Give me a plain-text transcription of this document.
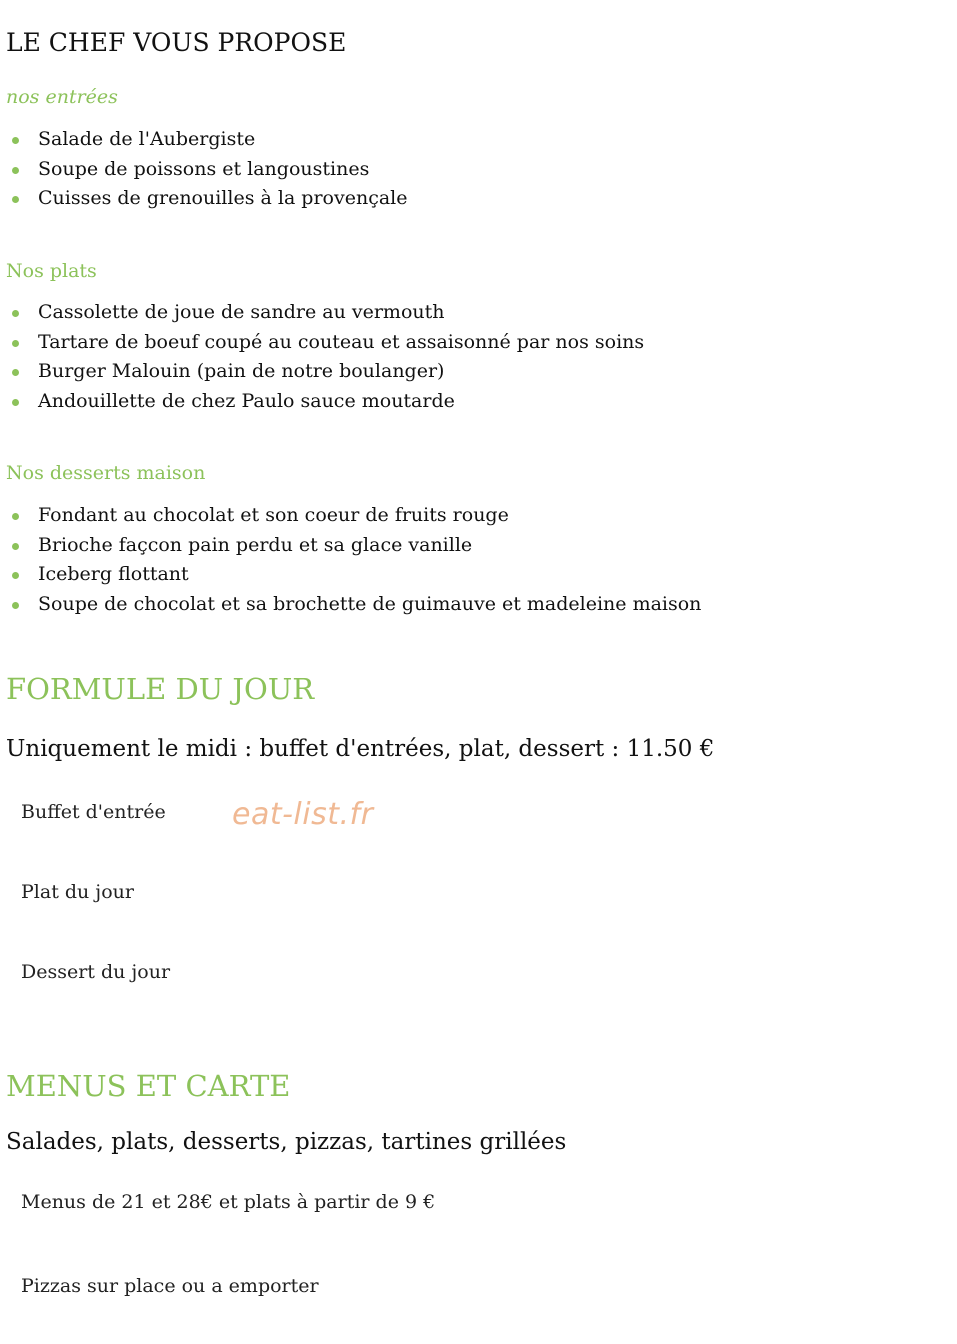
LE CHEF VOUS PROPOSE
nos entrées
Salade de l'Aubergiste
Soupe de poissons et langoustines
Cuisses de grenouilles à la provençale
Nos plats
Cassolette de joue de sandre au vermouth
Tartare de boeuf coupé au couteau et assaisonné par nos soins
Burger Malouin (pain de notre boulanger)
Andouillette de chez Paulo sauce moutarde
Nos desserts maison
Fondant au chocolat et son coeur de fruits rouge
Brioche façcon pain perdu et sa glace vanille
Iceberg flottant
Soupe de chocolat et sa brochette de guimauve et madeleine maison
FORMULE DU JOUR
Uniquement le midi : buffet d'entrées, plat, dessert : 11.50 €
Buffet d'entrée
Plat du jour
Dessert du jour
eat-list.fr
MENUS ET CARTE
Salades, plats, desserts, pizzas, tartines grillées
Menus de 21 et 28€ et plats à partir de 9 €
Pizzas sur place ou a emporter
